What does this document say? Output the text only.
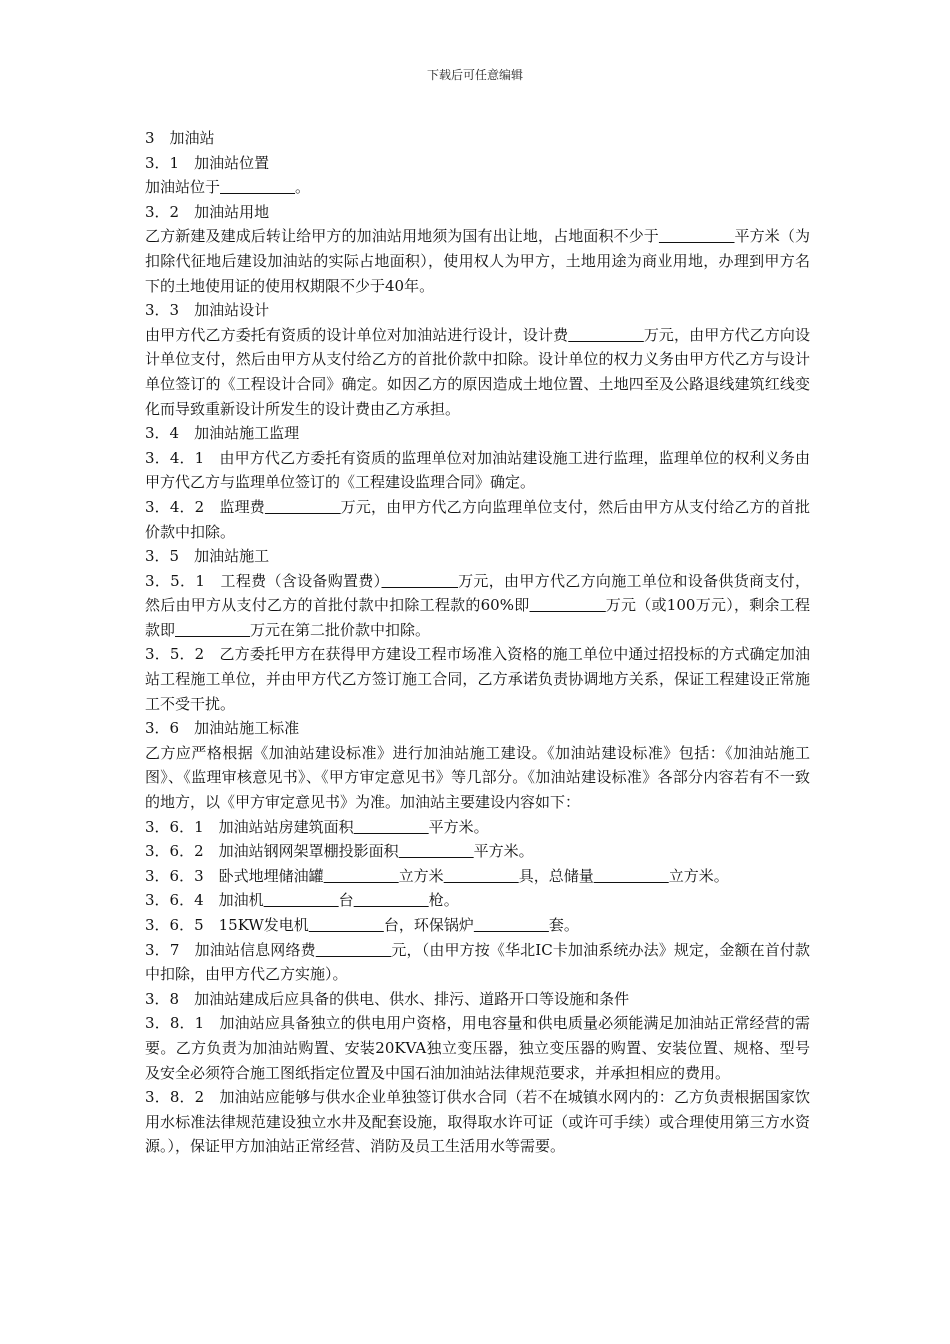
下载后可任意编辑
3　加油站
3．1　加油站位置
加油站位于　　　　　	。
3．2　加油站用地
乙方新建及建成后转让给甲方的加油站用地须为国有出让地，占地面积不少于　　　　　	平方米（为扣除代征地后建设加油站的实际占地面积），使用权人为甲方，土地用途为商业用地，办理到甲方名下的土地使用证的使用权期限不少于40年。
3．3　加油站设计
由甲方代乙方委托有资质的设计单位对加油站进行设计，设计费　　　　　	万元，由甲方代乙方向设计单位支付，然后由甲方从支付给乙方的首批价款中扣除。设计单位的权力义务由甲方代乙方与设计单位签订的《工程设计合同》确定。如因乙方的原因造成土地位置、土地四至及公路退线建筑红线变化而导致重新设计所发生的设计费由乙方承担。
3．4　加油站施工监理
3．4．1　由甲方代乙方委托有资质的监理单位对加油站建设施工进行监理，监理单位的权利义务由甲方代乙方与监理单位签订的《工程建设监理合同》确定。
3．4．2　监理费　　　　　	万元，由甲方代乙方向监理单位支付，然后由甲方从支付给乙方的首批价款中扣除。
3．5　加油站施工
3．5．1　工程费（含设备购置费）　　　　　	万元，由甲方代乙方向施工单位和设备供货商支付，然后由甲方从支付乙方的首批付款中扣除工程款的60%即　　　　　	万元（或100万元），剩余工程款即　　　　　	万元在第二批价款中扣除。
3．5．2　乙方委托甲方在获得甲方建设工程市场准入资格的施工单位中通过招投标的方式确定加油站工程施工单位，并由甲方代乙方签订施工合同，乙方承诺负责协调地方关系，保证工程建设正常施工不受干扰。
3．6　加油站施工标准
乙方应严格根据《加油站建设标准》进行加油站施工建设。《加油站建设标准》包括：《加油站施工图》、《监理审核意见书》、《甲方审定意见书》等几部分。《加油站建设标准》各部分内容若有不一致的地方，以《甲方审定意见书》为准。加油站主要建设内容如下：
3．6．1　加油站站房建筑面积　　　　　	平方米。
3．6．2　加油站钢网架罩棚投影面积　　　　　	平方米。
3．6．3　卧式地埋储油罐　　　　　	立方米　　　　　	具，总储量　　　　　	立方米。
3．6．4　加油机　　　　　	台　　　　　	枪。
3．6．5　15KW发电机　　　　　	台，环保锅炉　　　　　	套。
3．7　加油站信息网络费　　　　　	元，（由甲方按《华北IC卡加油系统办法》规定，金额在首付款中扣除，由甲方代乙方实施）。
3．8　加油站建成后应具备的供电、供水、排污、道路开口等设施和条件
3．8．1　加油站应具备独立的供电用户资格，用电容量和供电质量必须能满足加油站正常经营的需要。乙方负责为加油站购置、安装20KVA独立变压器，独立变压器的购置、安装位置、规格、型号及安全必须符合施工图纸指定位置及中国石油加油站法律规范要求，并承担相应的费用。
3．8．2　加油站应能够与供水企业单独签订供水合同（若不在城镇水网内的：乙方负责根据国家饮用水标准法律规范建设独立水井及配套设施，取得取水许可证（或许可手续）或合理使用第三方水资源。），保证甲方加油站正常经营、消防及员工生活用水等需要。
